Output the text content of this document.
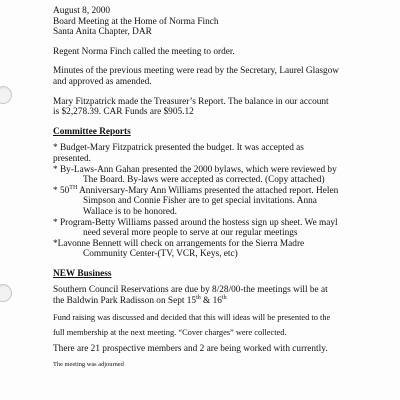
August 8, 2000
Board Meeting at the Home of Norma Finch
Santa Anita Chapter, DAR
Regent Norma Finch called the meeting to order.
Minutes of the previous meeting were read by the Secretary, Laurel Glasgow
and approved as amended.
Mary Fitzpatrick made the Treasurer’s Report. The balance in our account
is $2,278.39. CAR Funds are $905.12
Committee Reports
* Budget-Mary Fitzpatrick presented the budget. It was accepted as
presented.
* By-Laws-Ann Gahan presented the 2000 bylaws, which were reviewed by
The Board. By-laws were accepted as corrected. (Copy attached)
* 50TH Anniversary-Mary Ann Williams presented the attached report. Helen
Simpson and Connie Fisher are to get special invitations. Anna
Wallace is to be honored.
* Program-Betty Williams passed around the hostess sign up sheet. We mayl
need several more people to serve at our regular meetings
*Lavonne Bennett will check on arrangements for the Sierra Madre
Community Center-(TV, VCR, Keys, etc)
NEW Business
Southern Council Reservations are due by 8/28/00-the meetings will be at
the Baldwin Park Radisson on Sept 15th & 16th
Fund raising was discussed and decided that this will ideas will be presented to the
full membership at the next meeting. “Cover charges” were collected.
There are 21 prospective members and 2 are being worked with currently.
The meeting was adjourned
